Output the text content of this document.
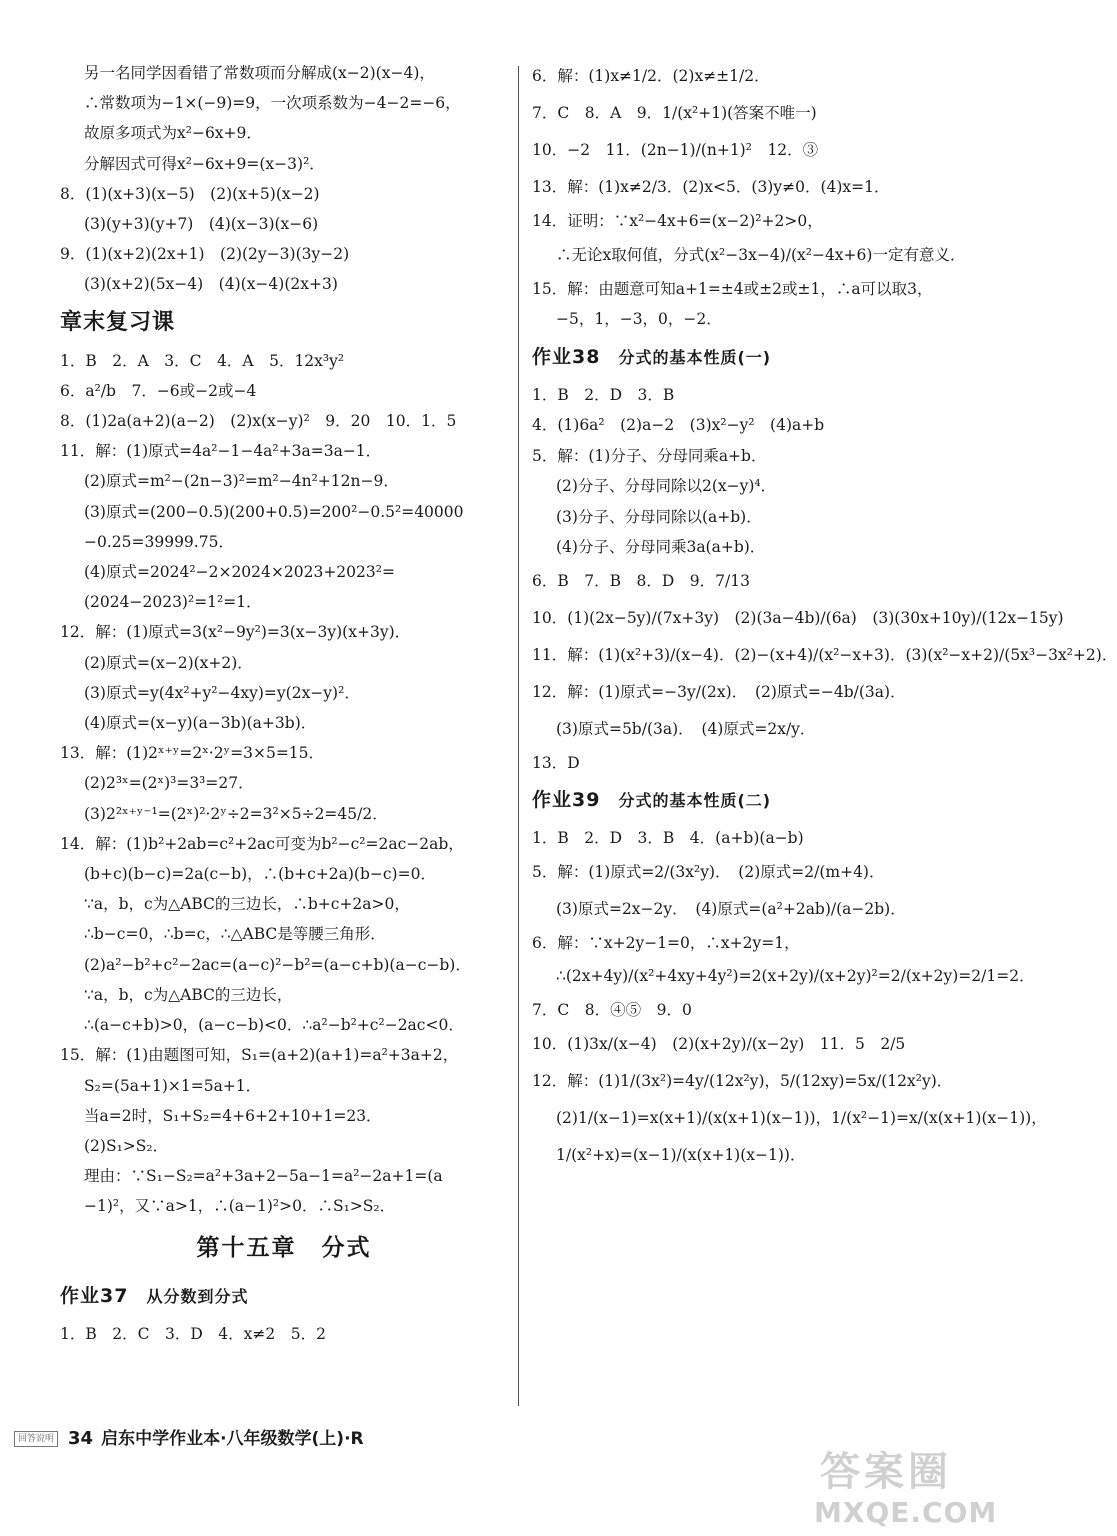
另一名同学因看错了常数项而分解成(x−2)(x−4)，
∴常数项为−1×(−9)=9，一次项系数为−4−2=−6，
故原多项式为x²−6x+9．
分解因式可得x²−6x+9=(x−3)²．
8．(1)(x+3)(x−5)　(2)(x+5)(x−2)
(3)(y+3)(y+7)　(4)(x−3)(x−6)
9．(1)(x+2)(2x+1)　(2)(2y−3)(3y−2)
(3)(x+2)(5x−4)　(4)(x−4)(2x+3)
章末复习课
1．B　2．A　3．C　4．A　5．12x³y²
6．a²/b　7．−6或−2或−4
8．(1)2a(a+2)(a−2)　(2)x(x−y)²　9．20　10．1．5
11．解：(1)原式=4a²−1−4a²+3a=3a−1．
(2)原式=m²−(2n−3)²=m²−4n²+12n−9．
(3)原式=(200−0.5)(200+0.5)=200²−0.5²=40000
−0.25=39999.75．
(4)原式=2024²−2×2024×2023+2023²=
(2024−2023)²=1²=1．
12．解：(1)原式=3(x²−9y²)=3(x−3y)(x+3y)．
(2)原式=(x−2)(x+2)．
(3)原式=y(4x²+y²−4xy)=y(2x−y)²．
(4)原式=(x−y)(a−3b)(a+3b)．
13．解：(1)2ˣ⁺ʸ=2ˣ·2ʸ=3×5=15．
(2)2³ˣ=(2ˣ)³=3³=27．
(3)2²ˣ⁺ʸ⁻¹=(2ˣ)²·2ʸ÷2=3²×5÷2=45/2．
14．解：(1)b²+2ab=c²+2ac可变为b²−c²=2ac−2ab，
(b+c)(b−c)=2a(c−b)，∴(b+c+2a)(b−c)=0．
∵a，b，c为△ABC的三边长，∴b+c+2a>0，
∴b−c=0，∴b=c，∴△ABC是等腰三角形．
(2)a²−b²+c²−2ac=(a−c)²−b²=(a−c+b)(a−c−b)．
∵a，b，c为△ABC的三边长，
∴(a−c+b)>0，(a−c−b)<0．∴a²−b²+c²−2ac<0．
15．解：(1)由题图可知，S₁=(a+2)(a+1)=a²+3a+2，
S₂=(5a+1)×1=5a+1．
当a=2时，S₁+S₂=4+6+2+10+1=23．
(2)S₁>S₂．
理由：∵S₁−S₂=a²+3a+2−5a−1=a²−2a+1=(a
−1)²，又∵a>1，∴(a−1)²>0．∴S₁>S₂．
第十五章　分式
作业37 从分数到分式
1．B　2．C　3．D　4．x≠2　5．2
6．解：(1)x≠1/2．(2)x≠±1/2．
7．C　8．A　9．1/(x²+1)(答案不唯一)
10．−2　11．(2n−1)/(n+1)²　12．③
13．解：(1)x≠2/3．(2)x<5．(3)y≠0．(4)x=1．
14．证明：∵x²−4x+6=(x−2)²+2>0，
∴无论x取何值，分式(x²−3x−4)/(x²−4x+6)一定有意义．
15．解：由题意可知a+1=±4或±2或±1，∴a可以取3，
−5，1，−3，0，−2．
作业38 分式的基本性质(一)
1．B　2．D　3．B
4．(1)6a²　(2)a−2　(3)x²−y²　(4)a+b
5．解：(1)分子、分母同乘a+b．
(2)分子、分母同除以2(x−y)⁴．
(3)分子、分母同除以(a+b)．
(4)分子、分母同乘3a(a+b)．
6．B　7．B　8．D　9．7/13
10．(1)(2x−5y)/(7x+3y)　(2)(3a−4b)/(6a)　(3)(30x+10y)/(12x−15y)
11．解：(1)(x²+3)/(x−4)．(2)−(x+4)/(x²−x+3)．(3)(x²−x+2)/(5x³−3x²+2)．
12．解：(1)原式=−3y/(2x)．　(2)原式=−4b/(3a)．
(3)原式=5b/(3a)．　(4)原式=2x/y．
13．D
作业39 分式的基本性质(二)
1．B　2．D　3．B　4．(a+b)(a−b)
5．解：(1)原式=2/(3x²y)．　(2)原式=2/(m+4)．
(3)原式=2x−2y．　(4)原式=(a²+2ab)/(a−2b)．
6．解：∵x+2y−1=0，∴x+2y=1，
∴(2x+4y)/(x²+4xy+4y²)=2(x+2y)/(x+2y)²=2/(x+2y)=2/1=2．
7．C　8．④⑤　9．0
10．(1)3x/(x−4)　(2)(x+2y)/(x−2y)　11．5　2/5
12．解：(1)1/(3x²)=4y/(12x²y)，5/(12xy)=5x/(12x²y)．
(2)1/(x−1)=x(x+1)/(x(x+1)(x−1))，1/(x²−1)=x/(x(x+1)(x−1))，
1/(x²+x)=(x−1)/(x(x+1)(x−1))．
回答说明 34 启东中学作业本·八年级数学(上)·R
答案圈
MXQE.COM
